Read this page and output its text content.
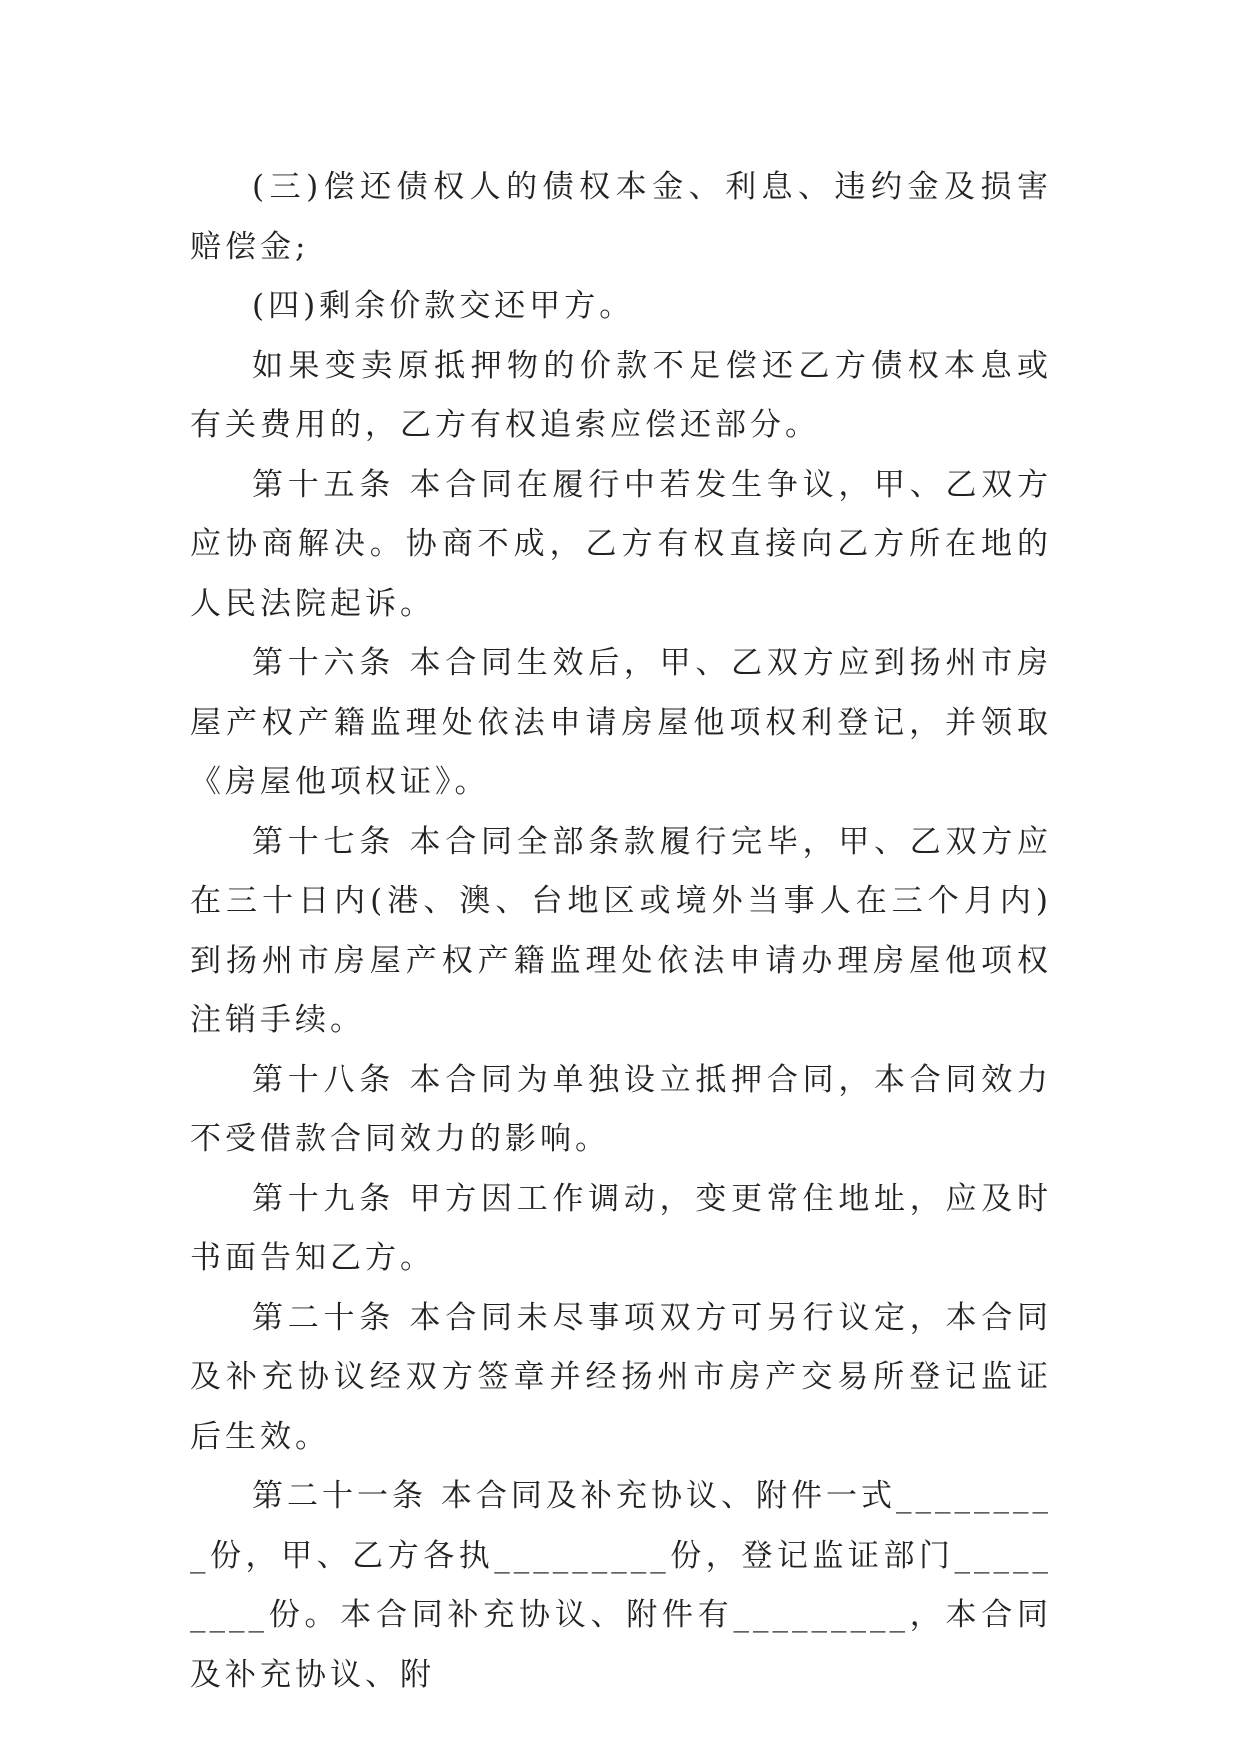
(三)偿还债权人的债权本金、利息、违约金及损害赔偿金;

(四)剩余价款交还甲方。

如果变卖原抵押物的价款不足偿还乙方债权本息或有关费用的，乙方有权追索应偿还部分。

第十五条 本合同在履行中若发生争议，甲、乙双方应协商解决。协商不成，乙方有权直接向乙方所在地的人民法院起诉。

第十六条 本合同生效后，甲、乙双方应到扬州市房屋产权产籍监理处依法申请房屋他项权利登记，并领取《房屋他项权证》。

第十七条 本合同全部条款履行完毕，甲、乙双方应在三十日内(港、澳、台地区或境外当事人在三个月内)到扬州市房屋产权产籍监理处依法申请办理房屋他项权注销手续。

第十八条 本合同为单独设立抵押合同，本合同效力不受借款合同效力的影响。

第十九条 甲方因工作调动，变更常住地址，应及时书面告知乙方。

第二十条 本合同未尽事项双方可另行议定，本合同及补充协议经双方签章并经扬州市房产交易所登记监证后生效。

第二十一条 本合同及补充协议、附件一式_________份，甲、乙方各执_________份，登记监证部门_________份。本合同补充协议、附件有_________，本合同及补充协议、附
